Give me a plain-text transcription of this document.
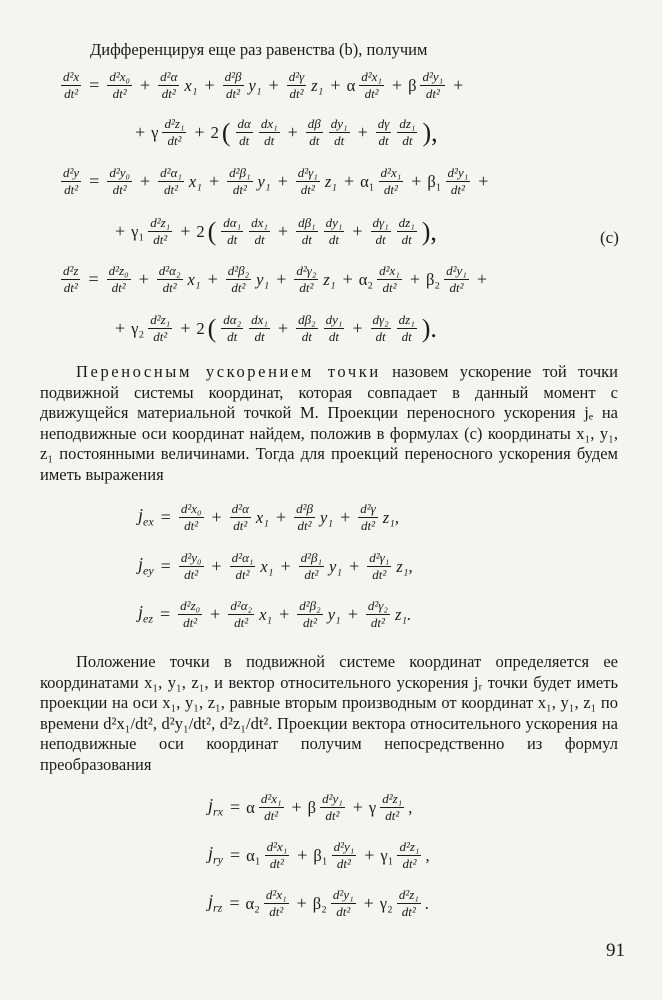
Дифференцируя еще раз равенства (b), получим
$\frac{\text{d²x}}{\text{dt²}} = \frac{\text{d²x₀}}{\text{dt²}} + \frac{\text{d²α}}{\text{dt²}} x_1 + \frac{\text{d²β}}{\text{dt²}} y_1 + \frac{\text{d²γ}}{\text{dt²}} z_1 + \alpha \frac{\text{d²x₁}}{\text{dt²}} + \beta \frac{\text{d²y₁}}{\text{dt²}}$ +
+ γ $\frac{\text{d²z₁}}{\text{dt²}} + 2$ ( $\frac{d\alpha}{dt} \frac{\text{dx₁}}{dt} + \frac{d\beta}{dt} \frac{\text{dy₁}}{dt} + \frac{d\gamma}{dt} \frac{\text{dz₁}}{dt}$ ),
$\frac{\text{d²y}}{\text{dt²}} = \frac{\text{d²y₀}}{\text{dt²}} + \frac{\text{d²α₁}}{\text{dt²}} x_1 + \frac{\text{d²β₁}}{\text{dt²}} y_1 + \frac{\text{d²γ₁}}{\text{dt²}} z_1 + \alpha_1 \frac{\text{d²x₁}}{\text{dt²}} + \beta_1 \frac{\text{d²y₁}}{\text{dt²}}$ +
+ $\gamma_1 \frac{\text{d²z₁}}{\text{dt²}} + 2$ ( $\frac{\text{dα₁}}{dt} \frac{\text{dx₁}}{dt} + \frac{\text{dβ₁}}{dt} \frac{\text{dy₁}}{dt} + \frac{\text{dγ₁}}{dt} \frac{\text{dz₁}}{dt}$ ),
$\frac{\text{d²z}}{\text{dt²}} = \frac{\text{d²z₀}}{\text{dt²}} + \frac{\text{d²α₂}}{\text{dt²}} x_1 + \frac{\text{d²β₂}}{\text{dt²}} y_1 + \frac{\text{d²γ₂}}{\text{dt²}} z_1 + \alpha_2 \frac{\text{d²x₁}}{\text{dt²}} + \beta_2 \frac{\text{d²y₁}}{\text{dt²}}$ +
+ $\gamma_2 \frac{\text{d²z₁}}{\text{dt²}} + 2$ ( $\frac{\text{dα₂}}{dt} \frac{\text{dx₁}}{dt} + \frac{\text{dβ₂}}{dt} \frac{\text{dy₁}}{dt} + \frac{\text{dγ₂}}{dt} \frac{\text{dz₁}}{dt}$ ).
(c)
Переносным ускорением точки назовем ускорение той точки подвижной системы координат, которая совпадает в данный момент с движущейся материальной точкой M. Проекции переносного ускорения jₑ на неподвижные оси координат найдем, положив в формулах (c) координаты x₁, y₁, z₁ постоянными величинами. Тогда для проекций переносного ускорения будем иметь выражения
$j_{ex} = \frac{\text{d²x₀}}{\text{dt²}} + \frac{\text{d²α}}{\text{dt²}} x_1 + \frac{\text{d²β}}{\text{dt²}} y_1 + \frac{\text{d²γ}}{\text{dt²}} z_1$,
$j_{ey} = \frac{\text{d²y₀}}{\text{dt²}} + \frac{\text{d²α₁}}{\text{dt²}} x_1 + \frac{\text{d²β₁}}{\text{dt²}} y_1 + \frac{\text{d²γ₁}}{\text{dt²}} z_1$,
$j_{ez} = \frac{\text{d²z₀}}{\text{dt²}} + \frac{\text{d²α₂}}{\text{dt²}} x_1 + \frac{\text{d²β₂}}{\text{dt²}} y_1 + \frac{\text{d²γ₂}}{\text{dt²}} z_1$.
Положение точки в подвижной системе координат определяется ее координатами x₁, y₁, z₁, и вектор относительного ускорения jᵣ точки будет иметь проекции на оси x₁, y₁, z₁, равные вторым производным от координат x₁, y₁, z₁ по времени d²x₁/dt², d²y₁/dt², d²z₁/dt². Проекции вектора относительного ускорения на неподвижные оси координат получим непосредственно из формул преобразования
$j_{rx} = \alpha \frac{\text{d²x₁}}{\text{dt²}} + \beta \frac{\text{d²y₁}}{\text{dt²}} + \gamma \frac{\text{d²z₁}}{\text{dt²}}$ ,
$j_{ry} = \alpha_1 \frac{\text{d²x₁}}{\text{dt²}} + \beta_1 \frac{\text{d²y₁}}{\text{dt²}} + \gamma_1 \frac{\text{d²z₁}}{\text{dt²}}$ ,
$j_{rz} = \alpha_2 \frac{\text{d²x₁}}{\text{dt²}} + \beta_2 \frac{\text{d²y₁}}{\text{dt²}} + \gamma_2 \frac{\text{d²z₁}}{\text{dt²}}$ .
91
